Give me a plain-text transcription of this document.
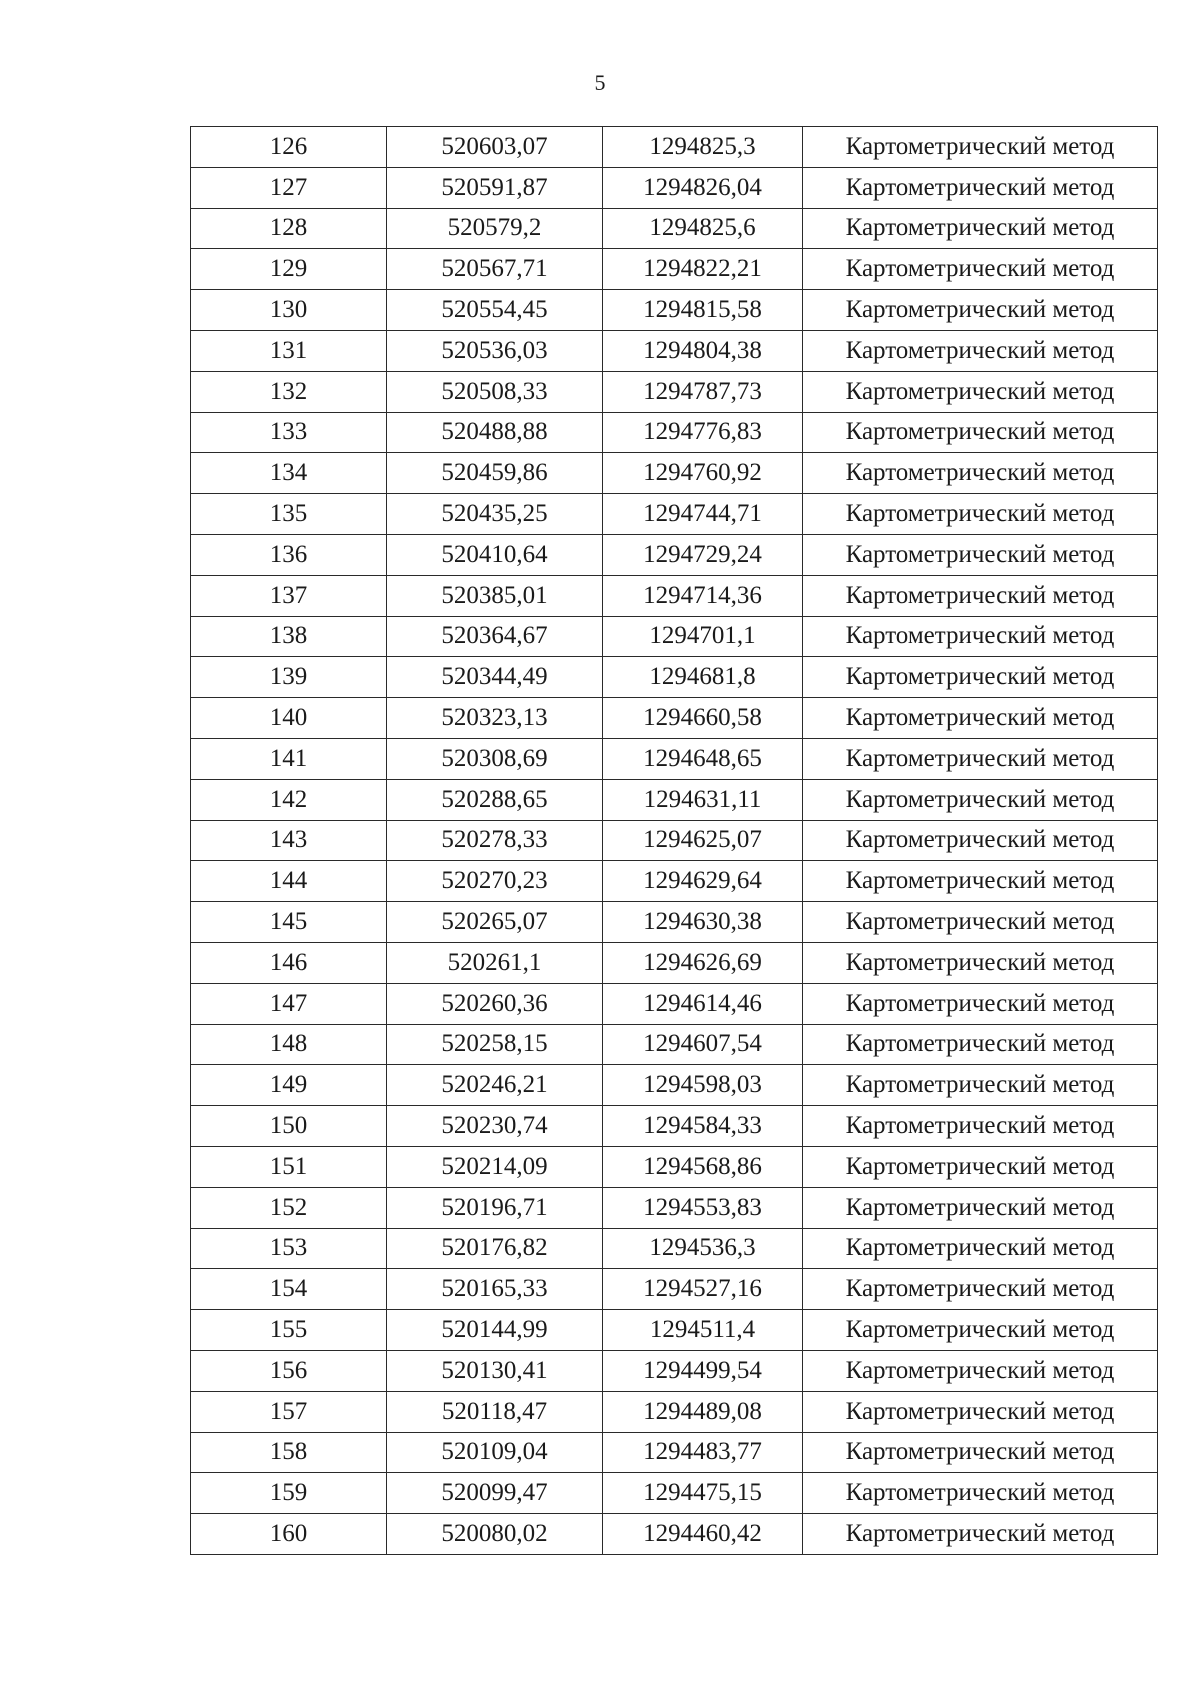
5
126	520603,07	1294825,3	Картометрический метод
127	520591,87	1294826,04	Картометрический метод
128	520579,2	1294825,6	Картометрический метод
129	520567,71	1294822,21	Картометрический метод
130	520554,45	1294815,58	Картометрический метод
131	520536,03	1294804,38	Картометрический метод
132	520508,33	1294787,73	Картометрический метод
133	520488,88	1294776,83	Картометрический метод
134	520459,86	1294760,92	Картометрический метод
135	520435,25	1294744,71	Картометрический метод
136	520410,64	1294729,24	Картометрический метод
137	520385,01	1294714,36	Картометрический метод
138	520364,67	1294701,1	Картометрический метод
139	520344,49	1294681,8	Картометрический метод
140	520323,13	1294660,58	Картометрический метод
141	520308,69	1294648,65	Картометрический метод
142	520288,65	1294631,11	Картометрический метод
143	520278,33	1294625,07	Картометрический метод
144	520270,23	1294629,64	Картометрический метод
145	520265,07	1294630,38	Картометрический метод
146	520261,1	1294626,69	Картометрический метод
147	520260,36	1294614,46	Картометрический метод
148	520258,15	1294607,54	Картометрический метод
149	520246,21	1294598,03	Картометрический метод
150	520230,74	1294584,33	Картометрический метод
151	520214,09	1294568,86	Картометрический метод
152	520196,71	1294553,83	Картометрический метод
153	520176,82	1294536,3	Картометрический метод
154	520165,33	1294527,16	Картометрический метод
155	520144,99	1294511,4	Картометрический метод
156	520130,41	1294499,54	Картометрический метод
157	520118,47	1294489,08	Картометрический метод
158	520109,04	1294483,77	Картометрический метод
159	520099,47	1294475,15	Картометрический метод
160	520080,02	1294460,42	Картометрический метод
